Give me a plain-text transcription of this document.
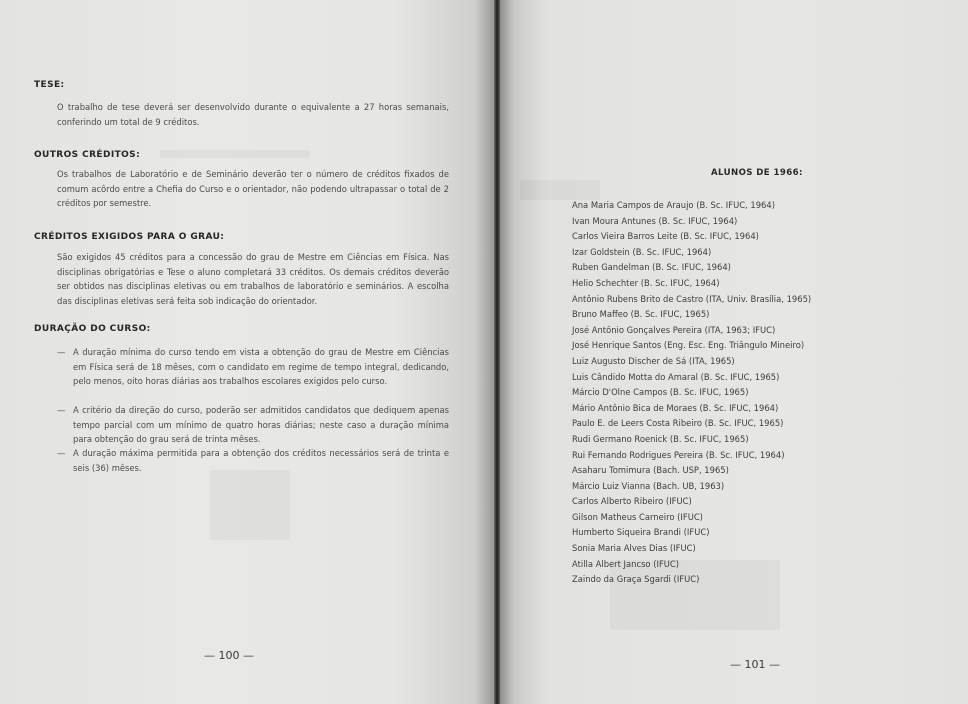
TESE:

O trabalho de tese deverá ser desenvolvido durante o equivalente a 27 horas semanais, conferindo um total de 9 créditos.

OUTROS CRÉDITOS:

Os trabalhos de Laboratório e de Seminário deverão ter o número de créditos fixados de comum acôrdo entre a Chefia do Curso e o orientador, não podendo ultrapassar o total de 2 créditos por semestre.

CRÉDITOS EXIGIDOS PARA O GRAU:

São exigidos 45 créditos para a concessão do grau de Mestre em Ciências em Física. Nas disciplinas obrigatórias e Tese o aluno completará 33 créditos. Os demais créditos deverão ser obtidos nas disciplinas eletivas ou em trabalhos de laboratório e seminários. A escolha das disciplinas eletivas será feita sob indicação do orientador.

DURAÇÃO DO CURSO:
— A duração mínima do curso tendo em vista a obtenção do grau de Mestre em Ciências em Física será de 18 mêses, com o candidato em regime de tempo integral, dedicando, pelo menos, oito horas diárias aos trabalhos escolares exigidos pelo curso.
— A critério da direção do curso, poderão ser admitidos candidatos que dediquem apenas tempo parcial com um mínimo de quatro horas diárias; neste caso a duração mínima para obtenção do grau será de trinta mêses.
— A duração máxima permitida para a obtenção dos créditos necessários será de trinta e seis (36) mêses.
— 100 —
ALUNOS DE 1966:
Ana Maria Campos de Araujo (B. Sc. IFUC, 1964)
Ivan Moura Antunes (B. Sc. IFUC, 1964)
Carlos Vieira Barros Leite (B. Sc. IFUC, 1964)
Izar Goldstein (B. Sc. IFUC, 1964)
Ruben Gandelman (B. Sc. IFUC, 1964)
Helio Schechter (B. Sc. IFUC, 1964)
Antônio Rubens Brito de Castro (ITA, Univ. Brasília, 1965)
Bruno Maffeo (B. Sc. IFUC, 1965)
José Antônio Gonçalves Pereira (ITA, 1963; IFUC)
José Henrique Santos (Eng. Esc. Eng. Triângulo Mineiro)
Luiz Augusto Discher de Sá (ITA, 1965)
Luis Cândido Motta do Amaral (B. Sc. IFUC, 1965)
Márcio D'Olne Campos (B. Sc. IFUC, 1965)
Mário Antônio Bica de Moraes (B. Sc. IFUC, 1964)
Paulo E. de Leers Costa Ribeiro (B. Sc. IFUC, 1965)
Rudi Germano Roenick (B. Sc. IFUC, 1965)
Rui Fernando Rodrigues Pereira (B. Sc. IFUC, 1964)
Asaharu Tomimura (Bach. USP, 1965)
Márcio Luiz Vianna (Bach. UB, 1963)
Carlos Alberto Ribeiro (IFUC)
Gilson Matheus Carneiro (IFUC)
Humberto Siqueira Brandi (IFUC)
Sonia Maria Alves Dias (IFUC)
Atilla Albert Jancso (IFUC)
Zaindo da Graça Sgardi (IFUC)
— 101 —
